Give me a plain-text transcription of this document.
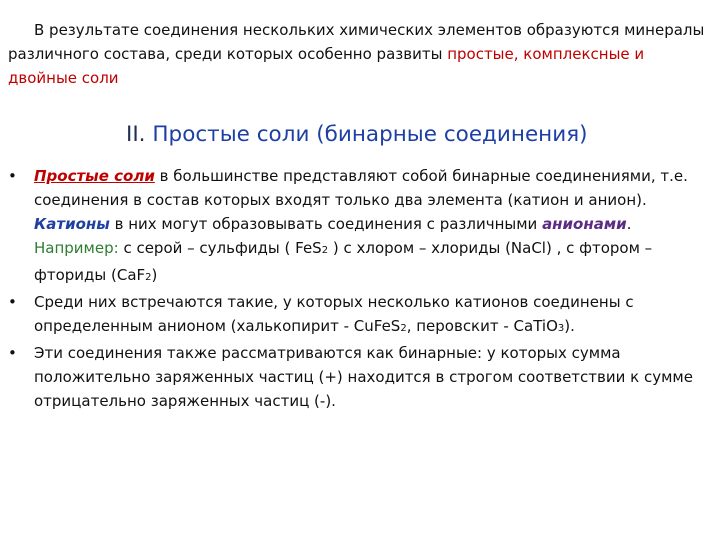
В результате соединения нескольких химических элементов образуются минералы различного состава, среди которых особенно развиты простые, комплексные и двойные соли

II. Простые соли (бинарные соединения)
•	Простые соли в большинстве представляют собой бинарные соединениями, т.е. соединения в состав которых входят только два элемента (катион и анион). Катионы в них могут образовывать соединения с различными анионами. Например: с серой – сульфиды ( FeS2 ) с хлором – хлориды (NaCl) , с фтором – фториды (CaF2)
•	Среди них встречаются такие, у которых несколько катионов соединены с определенным анионом (халькопирит - CuFeS2, перовскит - CaTiO3).
•	Эти соединения также рассматриваются как бинарные: у которых сумма положительно заряженных частиц (+) находится в строгом соответствии к сумме отрицательно заряженных частиц (-).
